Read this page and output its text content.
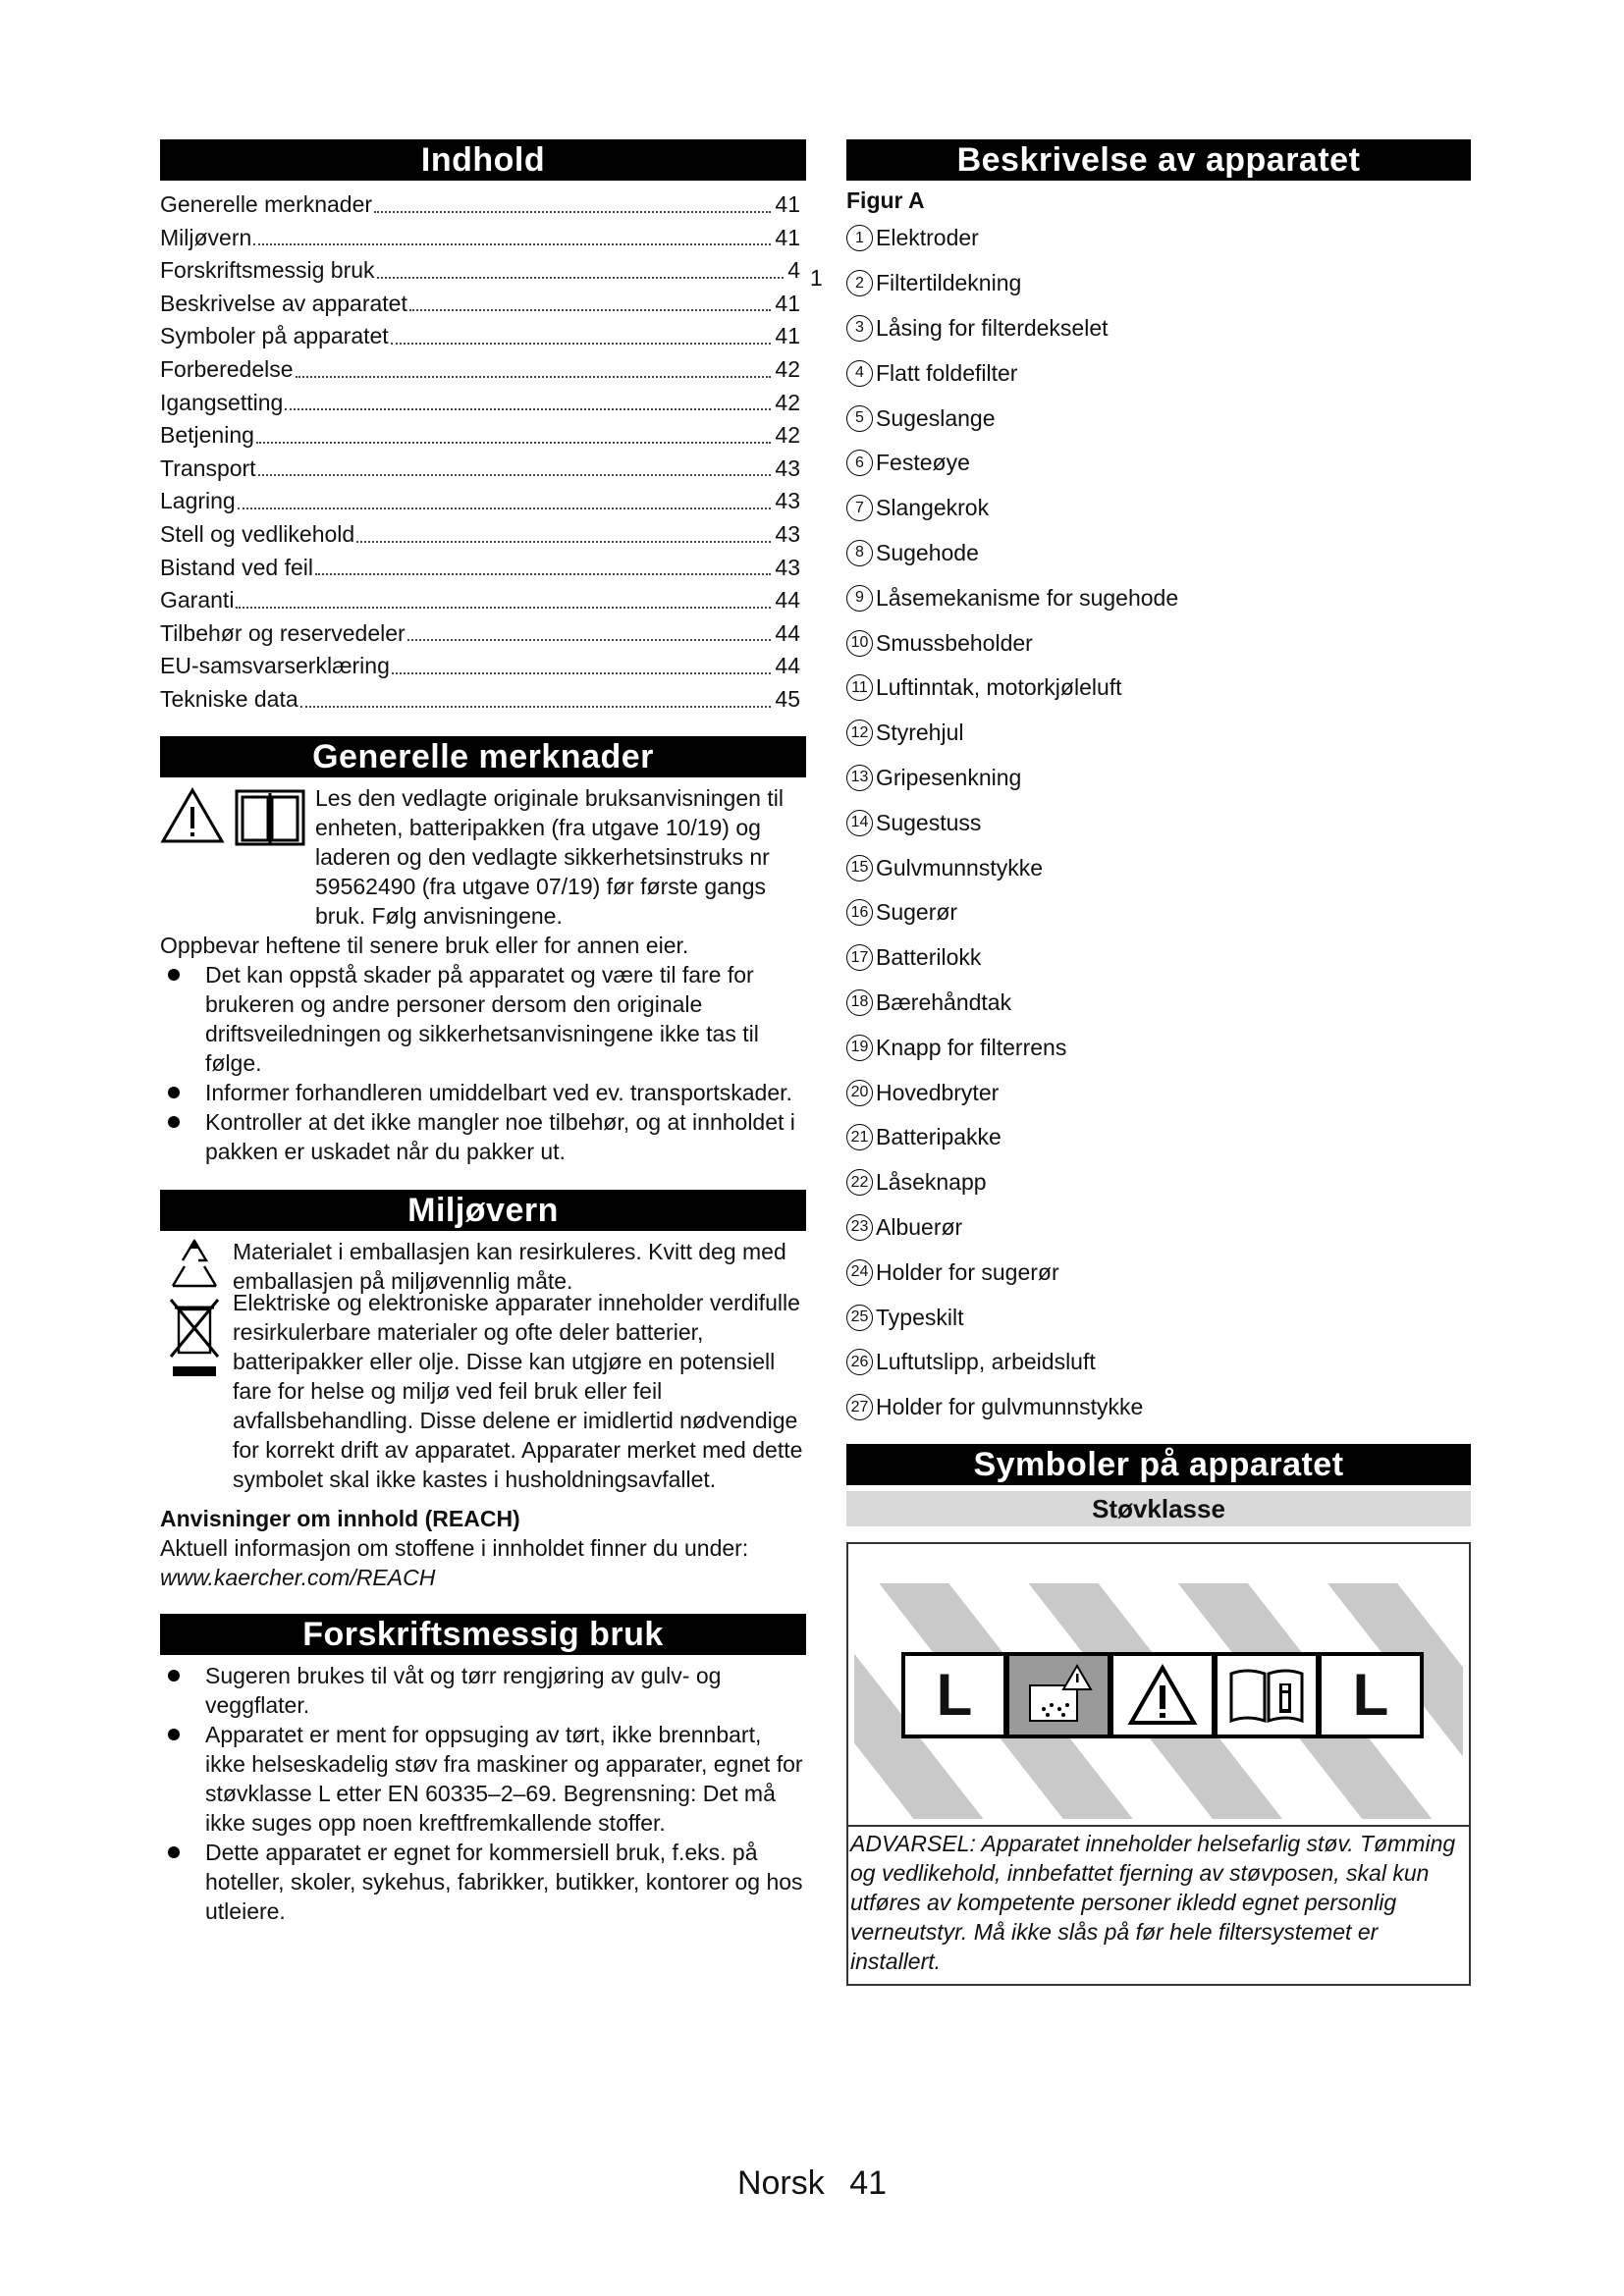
Indhold
Generelle merknader	41
Miljøvern	41
Forskriftsmessig bruk	4
Beskrivelse av apparatet	41
Symboler på apparatet	41
Forberedelse	42
Igangsetting	42
Betjening	42
Transport	43
Lagring	43
Stell og vedlikehold	43
Bistand ved feil	43
Garanti	44
Tilbehør og reservedeler	44
EU-samsvarserklæring	44
Tekniske data	45
Generelle merknader

Les den vedlagte originale bruksanvisningen til enheten, batteripakken (fra utgave 10/19) og laderen og den vedlagte sikkerhetsinstruks nr 59562490 (fra utgave 07/19) før første gangs bruk. Følg anvisningene.

Oppbevar heftene til senere bruk eller for annen eier.

Det kan oppstå skader på apparatet og være til fare for brukeren og andre personer dersom den originale driftsveiledningen og sikkerhetsanvisningene ikke tas til følge.
Informer forhandleren umiddelbart ved ev. transportskader.
Kontroller at det ikke mangler noe tilbehør, og at innholdet i pakken er uskadet når du pakker ut.
Miljøvern

Materialet i emballasjen kan resirkuleres. Kvitt deg med emballasjen på miljøvennlig måte.

Elektriske og elektroniske apparater inneholder verdifulle resirkulerbare materialer og ofte deler batterier, batteripakker eller olje. Disse kan utgjøre en potensiell fare for helse og miljø ved feil bruk eller feil avfallsbehandling. Disse delene er imidlertid nødvendige for korrekt drift av apparatet. Apparater merket med dette symbolet skal ikke kastes i husholdningsavfallet.

Anvisninger om innhold (REACH)

Aktuell informasjon om stoffene i innholdet finner du under: www.kaercher.com/REACH

Forskriftsmessig bruk
Sugeren brukes til våt og tørr rengjøring av gulv- og veggflater.
Apparatet er ment for oppsuging av tørt, ikke brennbart, ikke helseskadelig støv fra maskiner og apparater, egnet for støvklasse L etter EN 60335–2–69. Begrensning: Det må ikke suges opp noen kreftfremkallende stoffer.
Dette apparatet er egnet for kommersiell bruk, f.eks. på hoteller, skoler, sykehus, fabrikker, butikker, kontorer og hos utleiere.
1
Beskrivelse av apparatet
Figur A
1 Elektroder
2 Filtertildekning
3 Låsing for filterdekselet
4 Flatt foldefilter
5 Sugeslange
6 Festeøye
7 Slangekrok
8 Sugehode
9 Låsemekanisme for sugehode
10 Smussbeholder
11 Luftinntak, motorkjøleluft
12 Styrehjul
13 Gripesenkning
14 Sugestuss
15 Gulvmunnstykke
16 Sugerør
17 Batterilokk
18 Bærehåndtak
19 Knapp for filterrens
20 Hovedbryter
21 Batteripakke
22 Låseknapp
23 Albuerør
24 Holder for sugerør
25 Typeskilt
26 Luftutslipp, arbeidsluft
27 Holder for gulvmunnstykke
Symboler på apparatet
Støvklasse
L	L
ADVARSEL: Apparatet inneholder helsefarlig støv. Tømming og vedlikehold, innbefattet fjerning av støvposen, skal kun utføres av kompetente personer ikledd egnet personlig verneutstyr. Må ikke slås på før hele filtersystemet er installert.
Norsk 41
